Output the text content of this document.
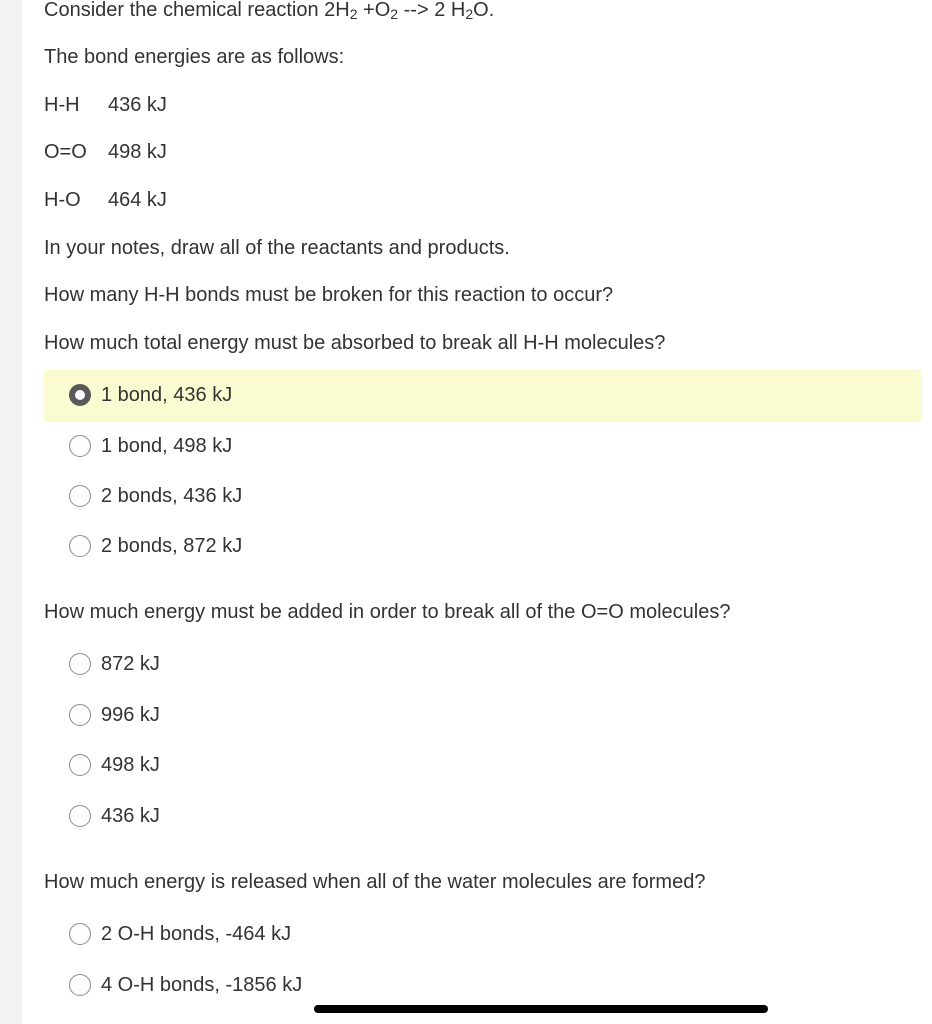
Consider the chemical reaction $2H_2 +O_2$ --> 2 $H_2O$.
The bond energies are as follows:
H-H 436 kJ
O=O 498 kJ
H-O 464 kJ
In your notes, draw all of the reactants and products.
How many H-H bonds must be broken for this reaction to occur?
How much total energy must be absorbed to break all H-H molecules?
1 bond, 436 kJ
1 bond, 498 kJ
2 bonds, 436 kJ
2 bonds, 872 kJ
How much energy must be added in order to break all of the O=O molecules?
872 kJ
996 kJ
498 kJ
436 kJ
How much energy is released when all of the water molecules are formed?
2 O-H bonds, -464 kJ
4 O-H bonds, -1856 kJ
